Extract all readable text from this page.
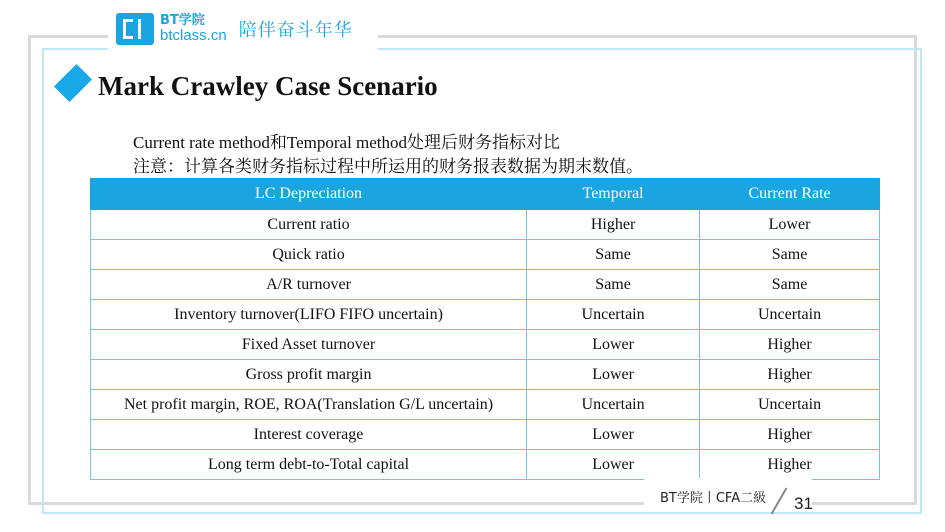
BT学院
btclass.cn 陪伴奋斗年华
Mark Crawley Case Scenario
Current rate method和Temporal method处理后财务指标对比
注意：计算各类财务指标过程中所运用的财务报表数据为期末数值。
LC Depreciation	Temporal	Current Rate
Current ratio	Higher	Lower
Quick ratio	Same	Same
A/R turnover	Same	Same
Inventory turnover(LIFO FIFO uncertain)	Uncertain	Uncertain
Fixed Asset turnover	Lower	Higher
Gross profit margin	Lower	Higher
Net profit margin, ROE, ROA(Translation G/L uncertain)	Uncertain	Uncertain
Interest coverage	Lower	Higher
Long term debt-to-Total capital	Lower	Higher
BT学院丨CFA二級 31
